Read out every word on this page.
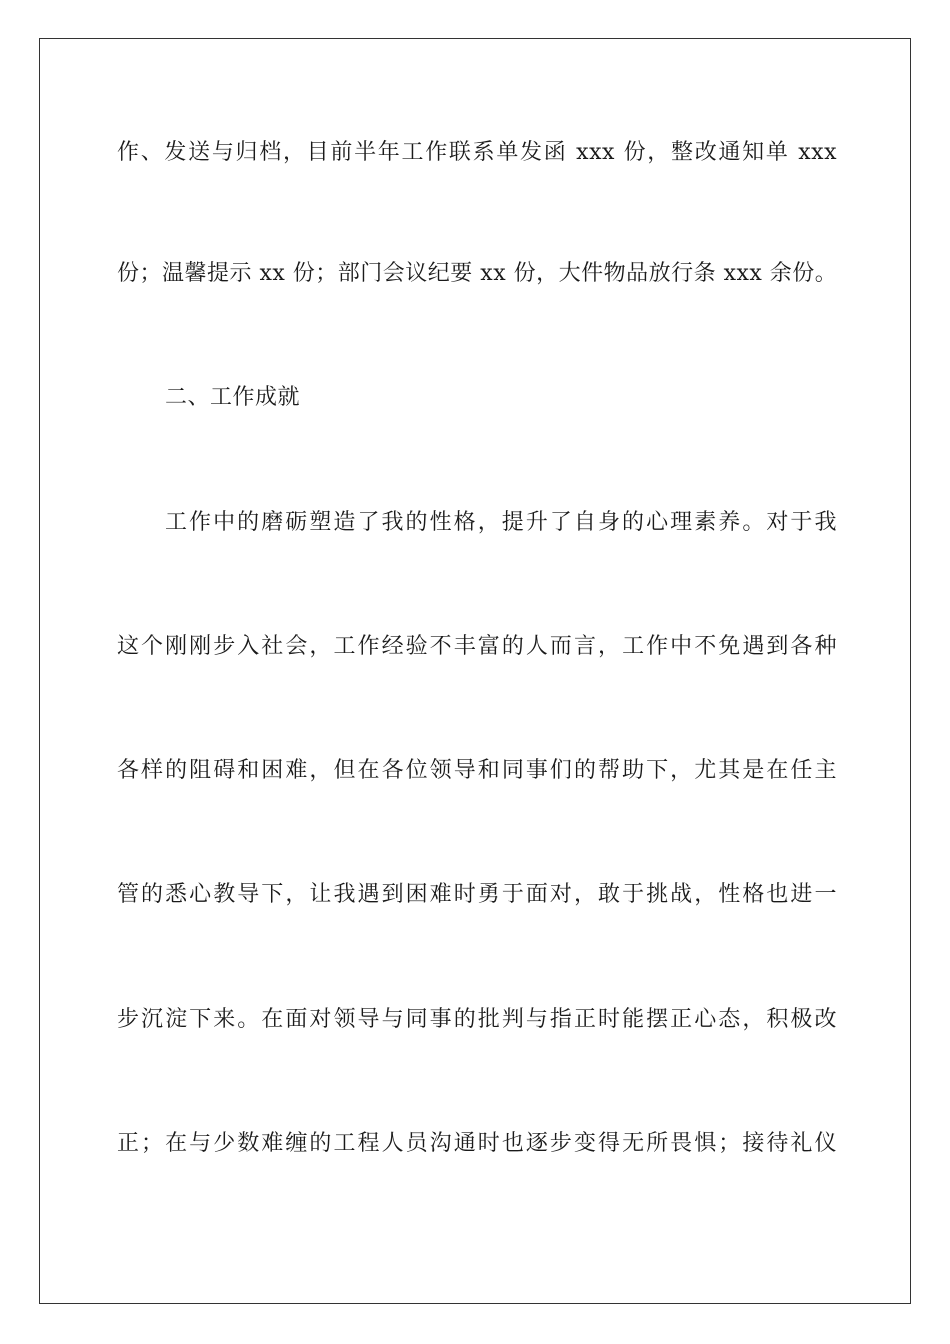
作、发送与归档，目前半年工作联系单发函 xxx 份，整改通知单 xxx
份；温馨提示 xx 份；部门会议纪要 xx 份，大件物品放行条 xxx 余份。
二、工作成就
工作中的磨砺塑造了我的性格，提升了自身的心理素养。对于我
这个刚刚步入社会，工作经验不丰富的人而言，工作中不免遇到各种
各样的阻碍和困难，但在各位领导和同事们的帮助下，尤其是在任主
管的悉心教导下，让我遇到困难时勇于面对，敢于挑战，性格也进一
步沉淀下来。在面对领导与同事的批判与指正时能摆正心态，积极改
正；在与少数难缠的工程人员沟通时也逐步变得无所畏惧；接待礼仪
